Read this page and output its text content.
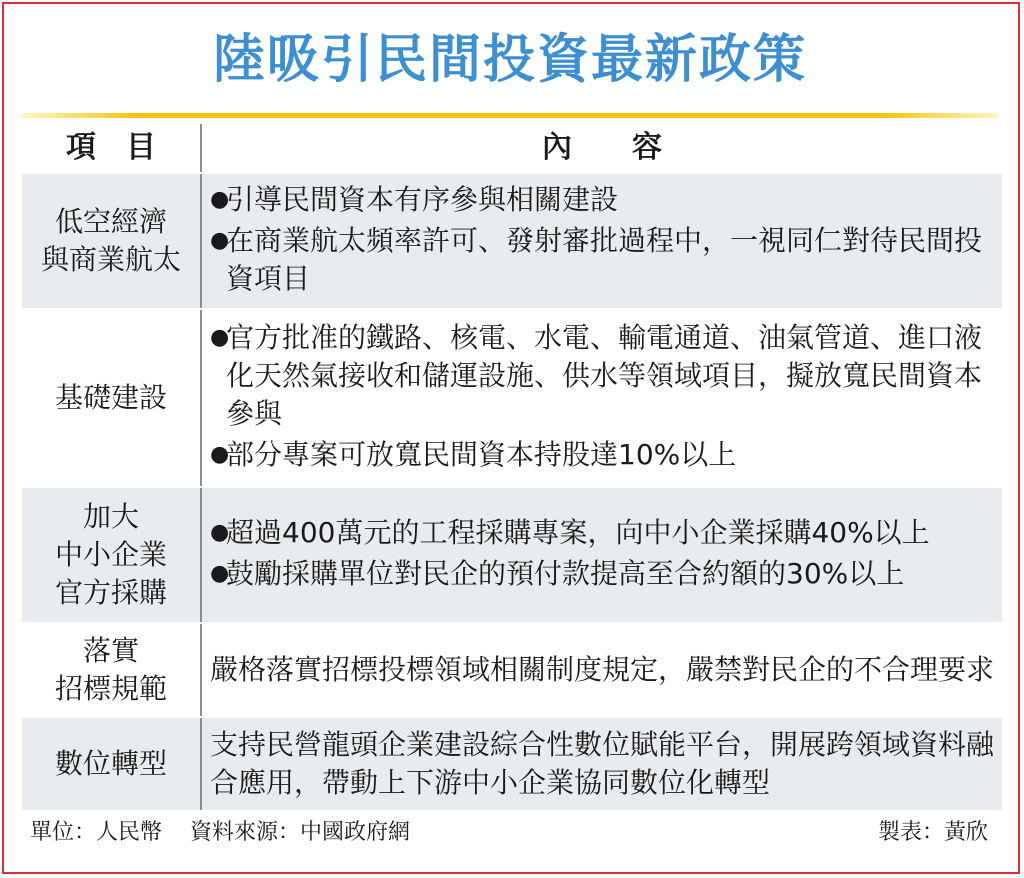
陸吸引民間投資最新政策
項　目	內　　容
低空經濟
與商業航太
●
引導民間資本有序參與相關建設
●
在商業航太頻率許可、發射審批過程中，一視同仁對待民間投資項目
基礎建設
●
官方批准的鐵路、核電、水電、輸電通道、油氣管道、進口液化天然氣接收和儲運設施、供水等領域項目，擬放寬民間資本參與
●
部分專案可放寬民間資本持股達10%以上
加大
中小企業
官方採購
●
超過400萬元的工程採購專案，向中小企業採購40%以上
●
鼓勵採購單位對民企的預付款提高至合約額的30%以上
落實
招標規範
嚴格落實招標投標領域相關制度規定，嚴禁對民企的不合理要求
數位轉型
支持民營龍頭企業建設綜合性數位賦能平台，開展跨領域資料融合應用，帶動上下游中小企業協同數位化轉型
單位：人民幣 資料來源：中國政府網	製表：黃欣
